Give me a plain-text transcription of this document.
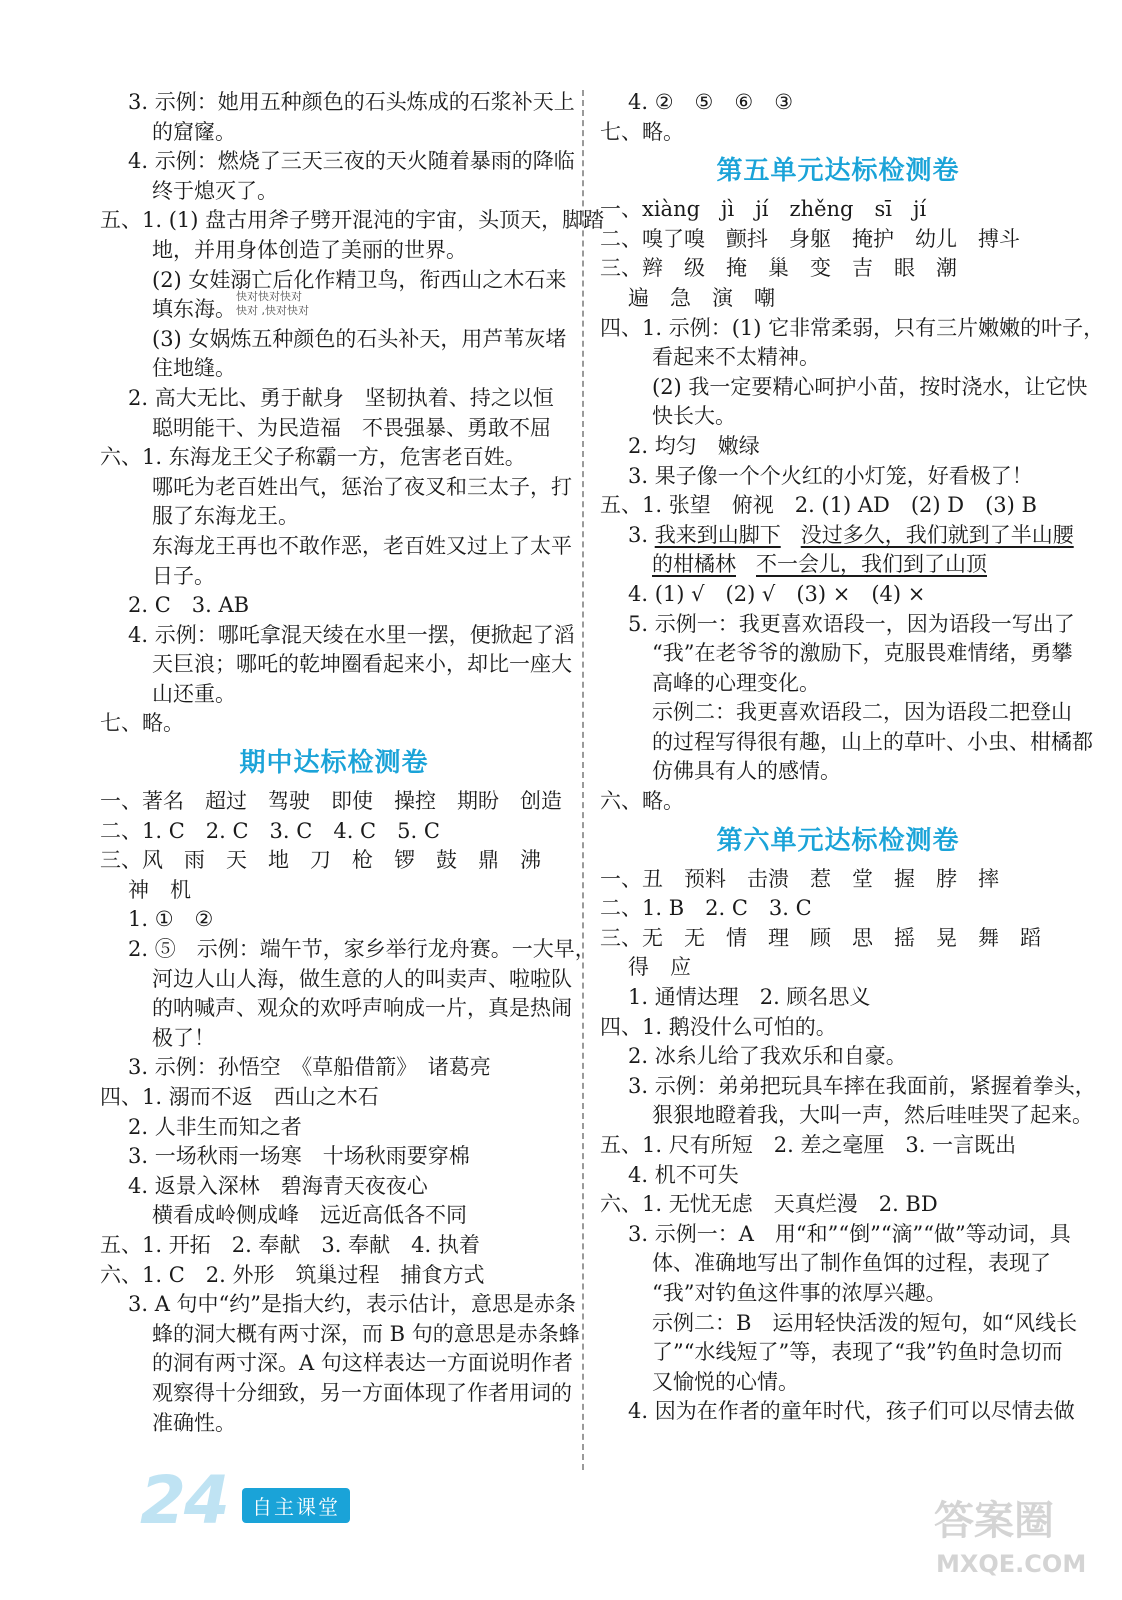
3. 示例：她用五种颜色的石头炼成的石浆补天上
的窟窿。
4. 示例：燃烧了三天三夜的天火随着暴雨的降临
终于熄灭了。
五、1. (1) 盘古用斧子劈开混沌的宇宙，头顶天，脚踏
地，并用身体创造了美丽的世界。
(2) 女娃溺亡后化作精卫鸟，衔西山之木石来
填东海。
(3) 女娲炼五种颜色的石头补天，用芦苇灰堵
住地缝。
2. 高大无比、勇于献身　坚韧执着、持之以恒
聪明能干、为民造福　不畏强暴、勇敢不屈
六、1. 东海龙王父子称霸一方，危害老百姓。
哪吒为老百姓出气，惩治了夜叉和三太子，打
服了东海龙王。
东海龙王再也不敢作恶，老百姓又过上了太平
日子。
2. C　3. AB
4. 示例：哪吒拿混天绫在水里一摆，便掀起了滔
天巨浪；哪吒的乾坤圈看起来小，却比一座大
山还重。
七、略。
期中达标检测卷
一、著名　超过　驾驶　即使　操控　期盼　创造
二、1. C　2. C　3. C　4. C　5. C
三、风　雨　天　地　刀　枪　锣　鼓　鼎　沸
神　机
1. ①　②
2. ⑤　示例：端午节，家乡举行龙舟赛。一大早，
河边人山人海，做生意的人的叫卖声、啦啦队
的呐喊声、观众的欢呼声响成一片，真是热闹
极了！
3. 示例：孙悟空　《草船借箭》　诸葛亮
四、1. 溺而不返　西山之木石
2. 人非生而知之者
3. 一场秋雨一场寒　十场秋雨要穿棉
4. 返景入深林　碧海青天夜夜心
横看成岭侧成峰　远近高低各不同
五、1. 开拓　2. 奉献　3. 奉献　4. 执着
六、1. C　2. 外形　筑巢过程　捕食方式
3. A 句中“约”是指大约，表示估计，意思是赤条
蜂的洞大概有两寸深，而 B 句的意思是赤条蜂
的洞有两寸深。A 句这样表达一方面说明作者
观察得十分细致，另一方面体现了作者用词的
准确性。
4. ②　⑤　⑥　③
七、略。
第五单元达标检测卷
一、xiàng　jì　jí　zhěng　sī　jí
二、嗅了嗅　颤抖　身躯　掩护　幼儿　搏斗
三、辫　级　掩　巢　变　吉　眼　潮
遍　急　演　嘲
四、1. 示例：(1) 它非常柔弱，只有三片嫩嫩的叶子，
看起来不太精神。
(2) 我一定要精心呵护小苗，按时浇水，让它快
快长大。
2. 均匀　嫩绿
3. 果子像一个个火红的小灯笼，好看极了！
五、1. 张望　俯视　2. (1) AD　(2) D　(3) B
3. 我来到山脚下 没过多久，我们就到了半山腰
的柑橘林 不一会儿，我们到了山顶
4. (1) √　(2) √　(3) ×　(4) ×
5. 示例一：我更喜欢语段一，因为语段一写出了
“我”在老爷爷的激励下，克服畏难情绪，勇攀
高峰的心理变化。
示例二：我更喜欢语段二，因为语段二把登山
的过程写得很有趣，山上的草叶、小虫、柑橘都
仿佛具有人的感情。
六、略。
第六单元达标检测卷
一、丑　预料　击溃　惹　堂　握　脖　摔
二、1. B　2. C　3. C
三、无　无　情　理　顾　思　摇　晃　舞　蹈
得　应
1. 通情达理　2. 顾名思义
四、1. 鹅没什么可怕的。
2. 冰糸儿给了我欢乐和自豪。
3. 示例：弟弟把玩具车摔在我面前，紧握着拳头，
狠狠地瞪着我，大叫一声，然后哇哇哭了起来。
五、1. 尺有所短　2. 差之毫厘　3. 一言既出
4. 机不可失
六、1. 无忧无虑　天真烂漫　2. BD
3. 示例一：A　用“和”“倒”“滴”“做”等动词，具
体、准确地写出了制作鱼饵的过程，表现了
“我”对钓鱼这件事的浓厚兴趣。
示例二：B　运用轻快活泼的短句，如“风线长
了”“水线短了”等，表现了“我”钓鱼时急切而
又愉悦的心情。
4. 因为在作者的童年时代，孩子们可以尽情去做
快对快对快对
快对 ,快对快对
24	自主课堂	答案圈
MXQE.COM
